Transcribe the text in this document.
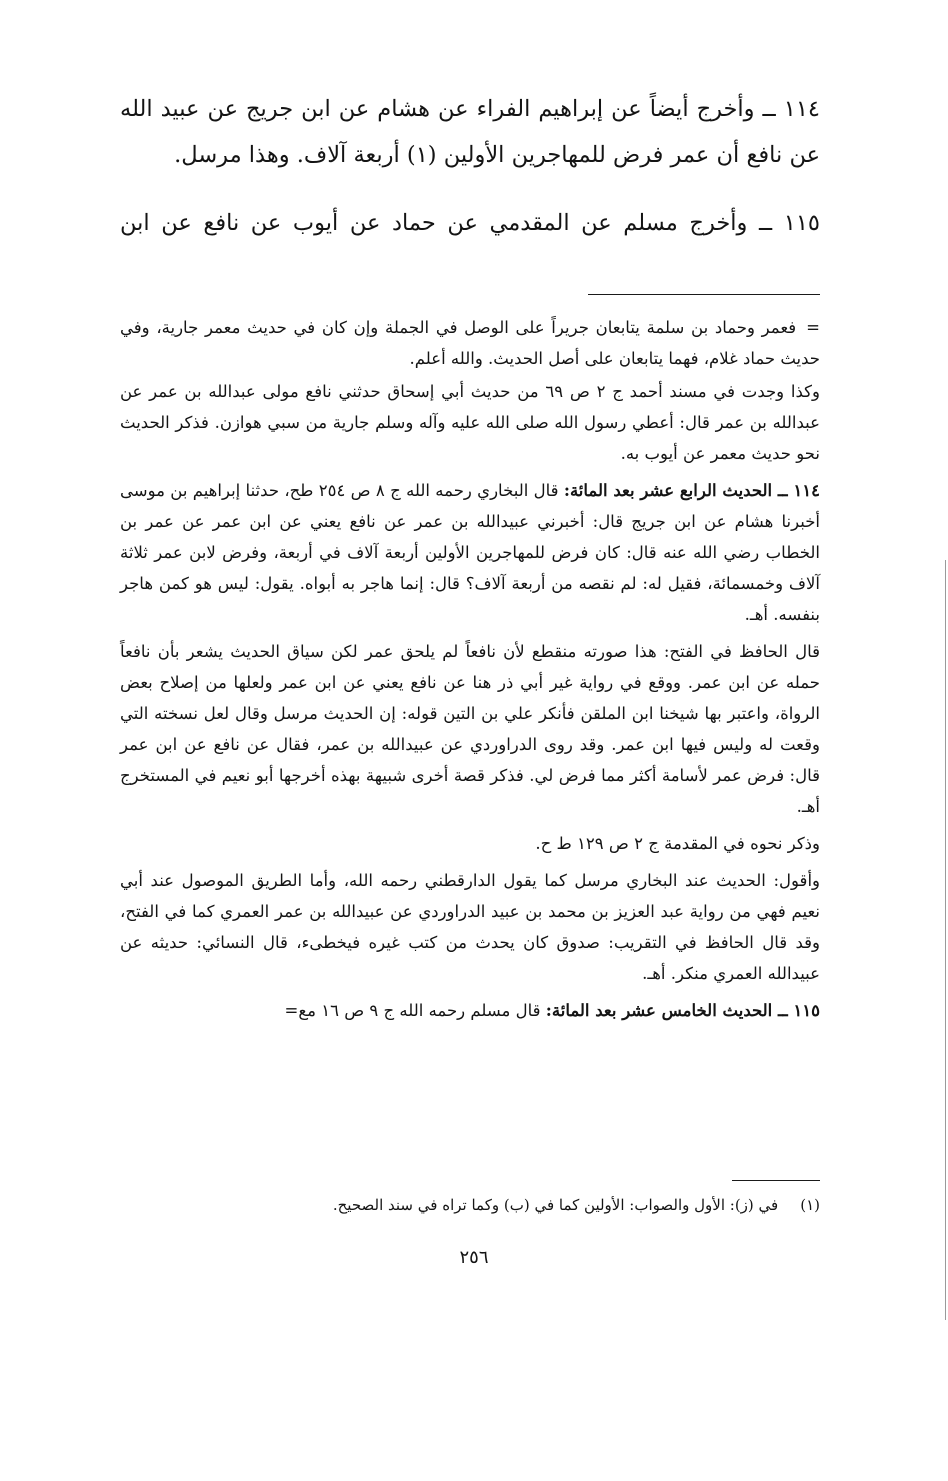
١١٤ ــ وأخرج أيضاً عن إبراهيم الفراء عن هشام عن ابن جريج عن عبيد الله عن نافع أن عمر فرض للمهاجرين الأولين (١) أربعة آلاف. وهذا مرسل.

١١٥ ــ وأخرج مسلم عن المقدمي عن حماد عن أيوب عن نافع عن ابن

=فعمر وحماد بن سلمة يتابعان جريراً على الوصل في الجملة وإن كان في حديث معمر جارية، وفي حديث حماد غلام، فهما يتابعان على أصل الحديث. والله أعلم.

وكذا وجدت في مسند أحمد ج ٢ ص ٦٩ من حديث أبي إسحاق حدثني نافع مولى عبدالله بن عمر عن عبدالله بن عمر قال: أعطي رسول الله صلى الله عليه وآله وسلم جارية من سبي هوازن. فذكر الحديث نحو حديث معمر عن أيوب به.

١١٤ ــ الحديث الرابع عشر بعد المائة: قال البخاري رحمه الله ج ٨ ص ٢٥٤ طح، حدثنا إبراهيم بن موسى أخبرنا هشام عن ابن جريج قال: أخبرني عبيدالله بن عمر عن نافع يعني عن ابن عمر عن عمر بن الخطاب رضي الله عنه قال: كان فرض للمهاجرين الأولين أربعة آلاف في أربعة، وفرض لابن عمر ثلاثة آلاف وخمسمائة، فقيل له: لم نقصه من أربعة آلاف؟ قال: إنما هاجر به أبواه. يقول: ليس هو كمن هاجر بنفسه. أهـ.

قال الحافظ في الفتح: هذا صورته منقطع لأن نافعاً لم يلحق عمر لكن سياق الحديث يشعر بأن نافعاً حمله عن ابن عمر. ووقع في رواية غير أبي ذر هنا عن نافع يعني عن ابن عمر ولعلها من إصلاح بعض الرواة، واعتبر بها شيخنا ابن الملقن فأنكر علي بن التين قوله: إن الحديث مرسل وقال لعل نسخته التي وقعت له وليس فيها ابن عمر. وقد روى الدراوردي عن عبيدالله بن عمر، فقال عن نافع عن ابن عمر قال: فرض عمر لأسامة أكثر مما فرض لي. فذكر قصة أخرى شبيهة بهذه أخرجها أبو نعيم في المستخرج أهـ.

وذكر نحوه في المقدمة ج ٢ ص ١٢٩ ط ح.

وأقول: الحديث عند البخاري مرسل كما يقول الدارقطني رحمه الله، وأما الطريق الموصول عند أبي نعيم فهي من رواية عبد العزيز بن محمد بن عبيد الدراوردي عن عبيدالله بن عمر العمري كما في الفتح، وقد قال الحافظ في التقريب: صدوق كان يحدث من كتب غيره فيخطىء، قال النسائي: حديثه عن عبيدالله العمري منكر. أهـ.

١١٥ ــ الحديث الخامس عشر بعد المائة: قال مسلم رحمه الله ج ٩ ص ١٦ مع=

(١)في (ز): الأول والصواب: الأولين كما في (ب) وكما تراه في سند الصحيح.
٢٥٦
